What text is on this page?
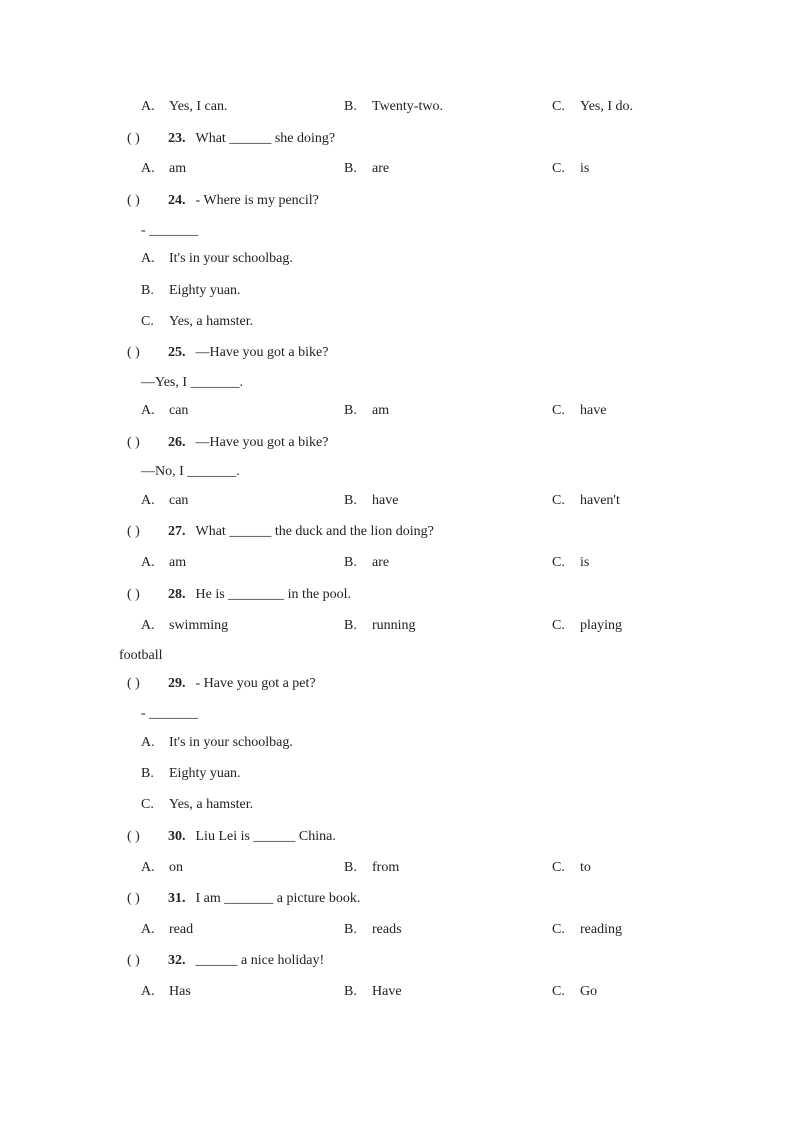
A. Yes, I can.	B. Twenty-two.	C. Yes, I do.
( ) 23. What ______ she doing?
A. am	B. are	C. is
( ) 24. - Where is my pencil?
- _______
A. It's in your schoolbag.
B. Eighty yuan.
C. Yes, a hamster.
( ) 25. —Have you got a bike?
—Yes, I _______.
A. can	B. am	C. have
( ) 26. —Have you got a bike?
—No, I _______.
A. can	B. have	C. haven't
( ) 27. What ______ the duck and the lion doing?
A. am	B. are	C. is
( ) 28. He is ________ in the pool.
A. swimming	B. running	C. playing
football
( ) 29. - Have you got a pet?
- _______
A. It's in your schoolbag.
B. Eighty yuan.
C. Yes, a hamster.
( ) 30. Liu Lei is ______ China.
A. on	B. from	C. to
( ) 31. I am _______ a picture book.
A. read	B. reads	C. reading
( ) 32. ______ a nice holiday!
A. Has	B. Have	C. Go
